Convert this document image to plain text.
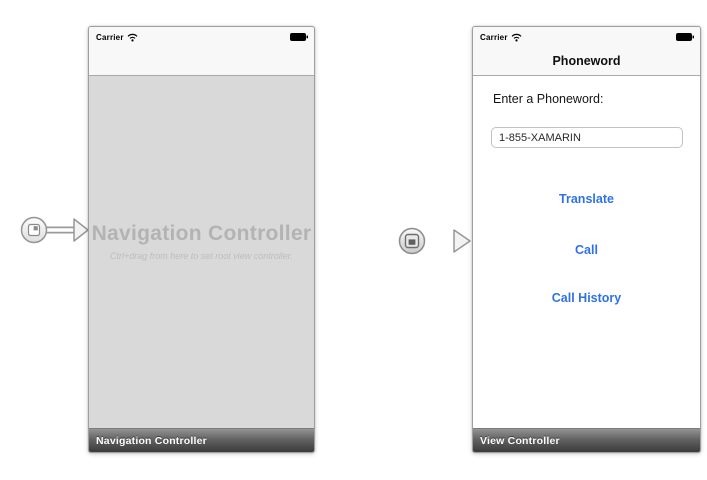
Carrier
Navigation Controller
Ctrl+drag from here to set root view controller.
Navigation Controller
Carrier
Phoneword
Enter a Phoneword:
1-855-XAMARIN
Translate
Call
Call History
View Controller
